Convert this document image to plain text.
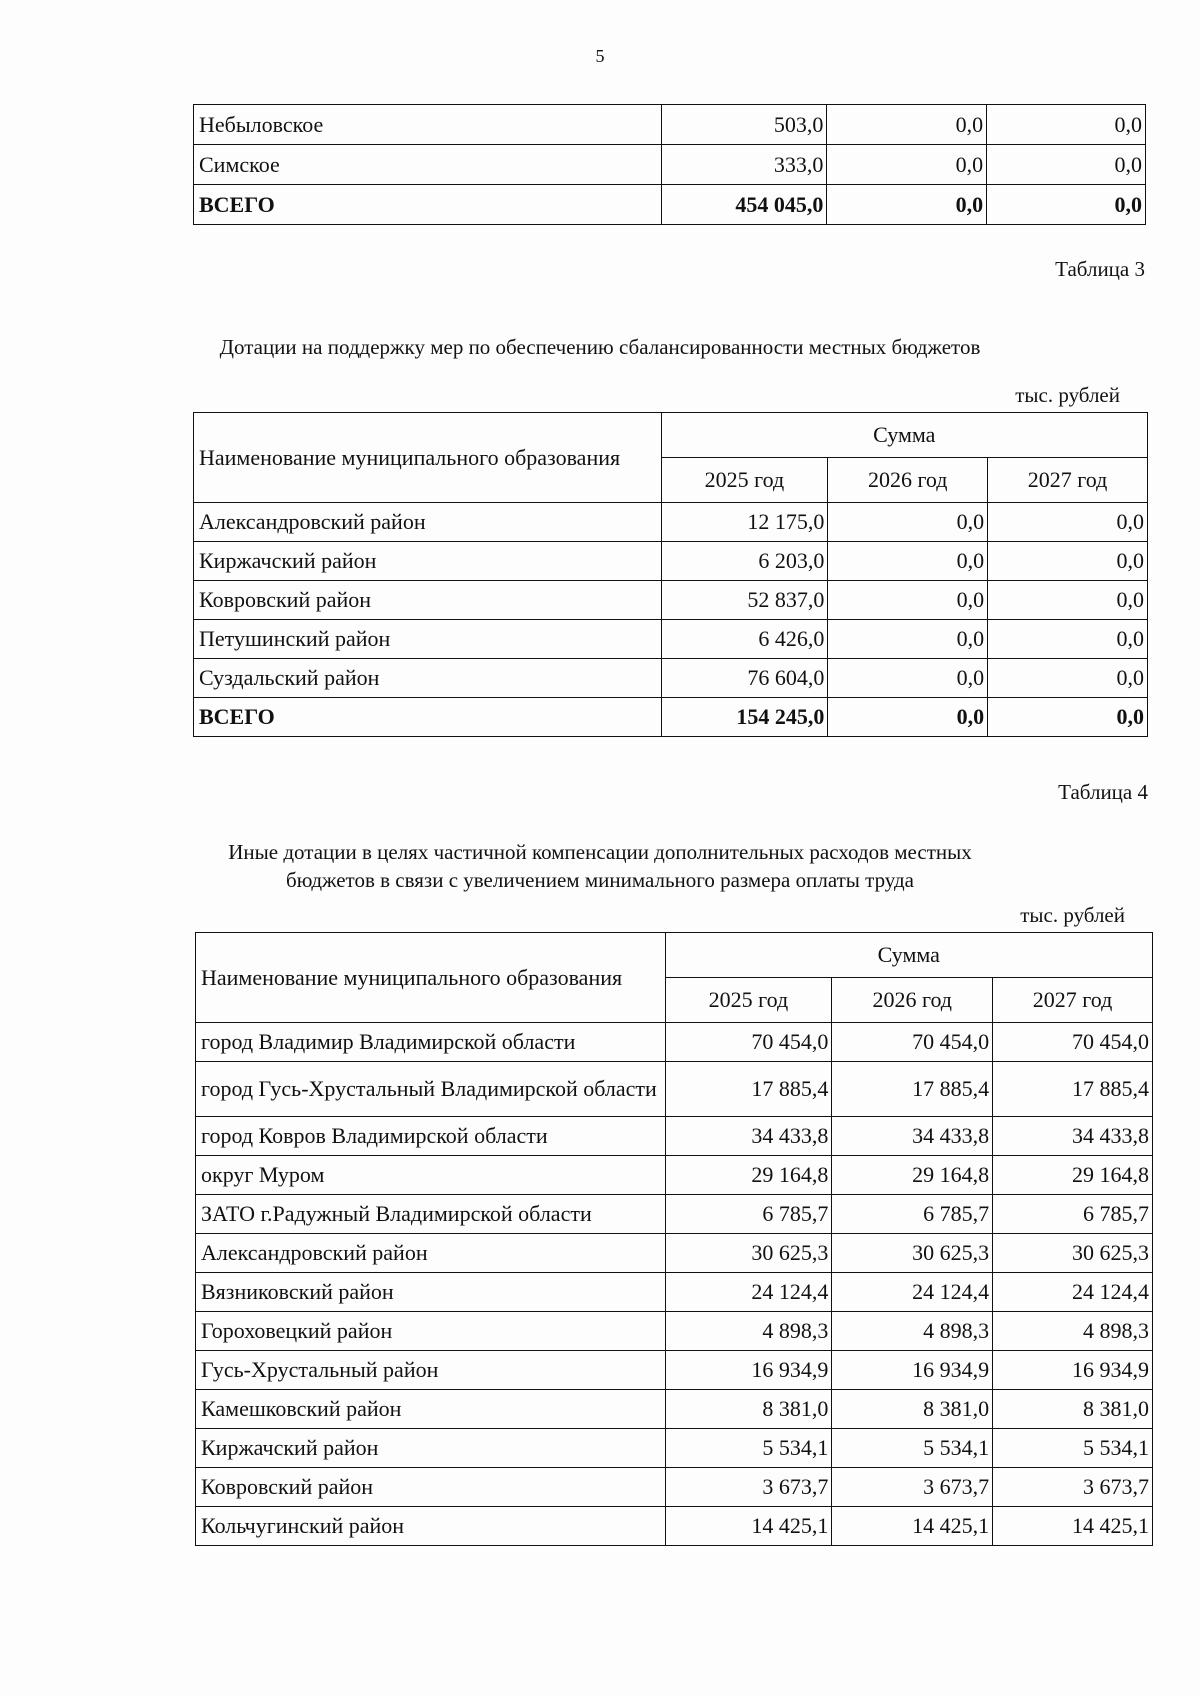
5
Небыловское	503,0	0,0	0,0
Симское	333,0	0,0	0,0
ВСЕГО	454 045,0	0,0	0,0
Таблица 3
Дотации на поддержку мер по обеспечению сбалансированности местных бюджетов
тыс. рублей
Наименование муниципального образования	Сумма		
	2025 год	2026 год	2027 год
Александровский район	12 175,0	0,0	0,0
Киржачский район	6 203,0	0,0	0,0
Ковровский район	52 837,0	0,0	0,0
Петушинский район	6 426,0	0,0	0,0
Суздальский район	76 604,0	0,0	0,0
ВСЕГО	154 245,0	0,0	0,0
Таблица 4
Иные дотации в целях частичной компенсации дополнительных расходов местных
бюджетов в связи с увеличением минимального размера оплаты труда
тыс. рублей
Наименование муниципального образования	Сумма		
	2025 год	2026 год	2027 год
город Владимир Владимирской области	70 454,0	70 454,0	70 454,0
город Гусь-Хрустальный Владимирской области	17 885,4	17 885,4	17 885,4
город Ковров Владимирской области	34 433,8	34 433,8	34 433,8
округ Муром	29 164,8	29 164,8	29 164,8
ЗАТО г.Радужный Владимирской области	6 785,7	6 785,7	6 785,7
Александровский район	30 625,3	30 625,3	30 625,3
Вязниковский район	24 124,4	24 124,4	24 124,4
Гороховецкий район	4 898,3	4 898,3	4 898,3
Гусь-Хрустальный район	16 934,9	16 934,9	16 934,9
Камешковский район	8 381,0	8 381,0	8 381,0
Киржачский район	5 534,1	5 534,1	5 534,1
Ковровский район	3 673,7	3 673,7	3 673,7
Кольчугинский район	14 425,1	14 425,1	14 425,1
